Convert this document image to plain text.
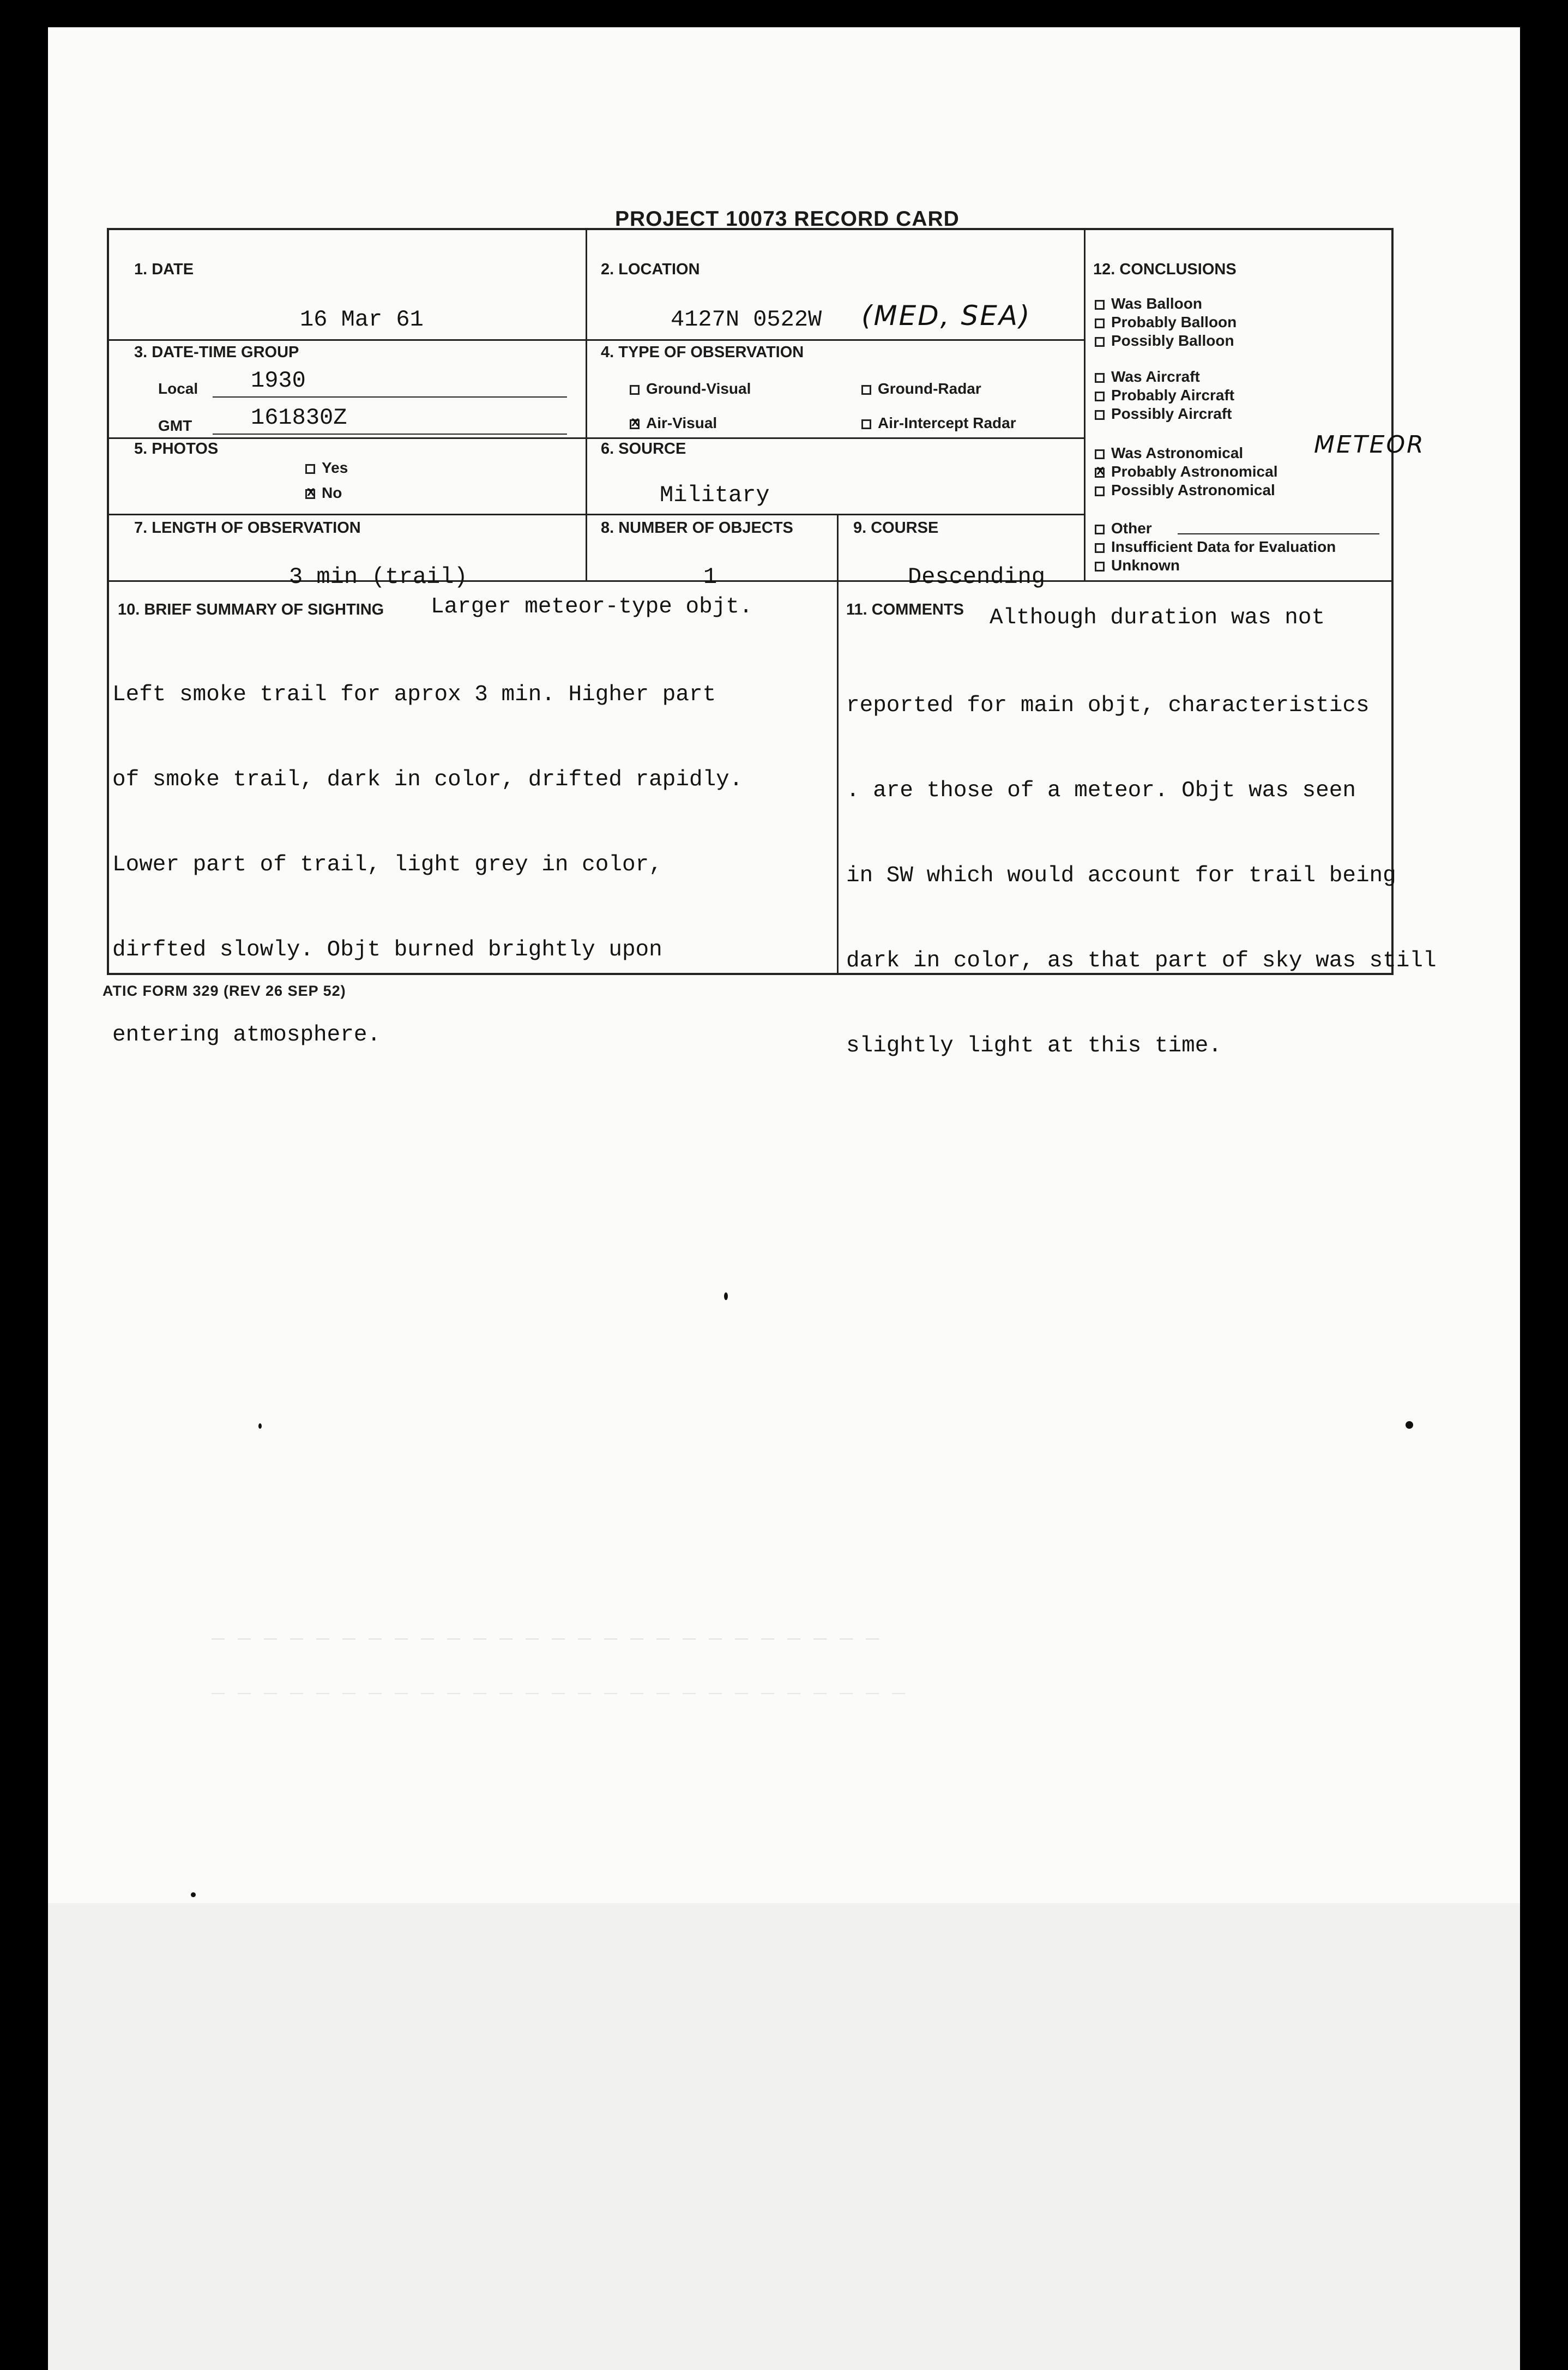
_ _ _ _ _ _ _ _ _ _ _ _ _ _ _ _ _ _ _ _ _ _ _ _ _ _
_ _ _ _ _ _ _ _ _ _ _ _ _ _ _ _ _ _ _ _ _ _ _ _ _ _ _
PROJECT 10073 RECORD CARD
1. DATE
16 Mar 61
2. LOCATION
4127N 0522W (MED, SEA)
3. DATE-TIME GROUP
Local 1930
GMT	161830Z
4. TYPE OF OBSERVATION
Ground-Visual	Ground-Radar
xAir-Visual	Air-Intercept Radar
5. PHOTOS
Yes
xNo
6. SOURCE
Military
7. LENGTH OF OBSERVATION
3 min (trail)
8. NUMBER OF OBJECTS
1
9. COURSE
Descending
10. BRIEF SUMMARY OF SIGHTING Larger meteor-type objt.

Left smoke trail for aprox 3 min. Higher part

of smoke trail, dark in color, drifted rapidly.

Lower part of trail, light grey in color,

dirfted slowly. Objt burned brightly upon

entering atmosphere.

11. COMMENTS Although duration was not

reported for main objt, characteristics

. are those of a meteor. Objt was seen

in SW which would account for trail being

dark in color, as that part of sky was still

slightly light at this time.

12. CONCLUSIONS
Was Balloon
Probably Balloon
Possibly Balloon
Was Aircraft
Probably Aircraft
Possibly Aircraft
Was Astronomical
xProbably Astronomical
Possibly Astronomical
METEOR
Other
Insufficient Data for Evaluation
Unknown
ATIC FORM 329 (REV 26 SEP 52)
